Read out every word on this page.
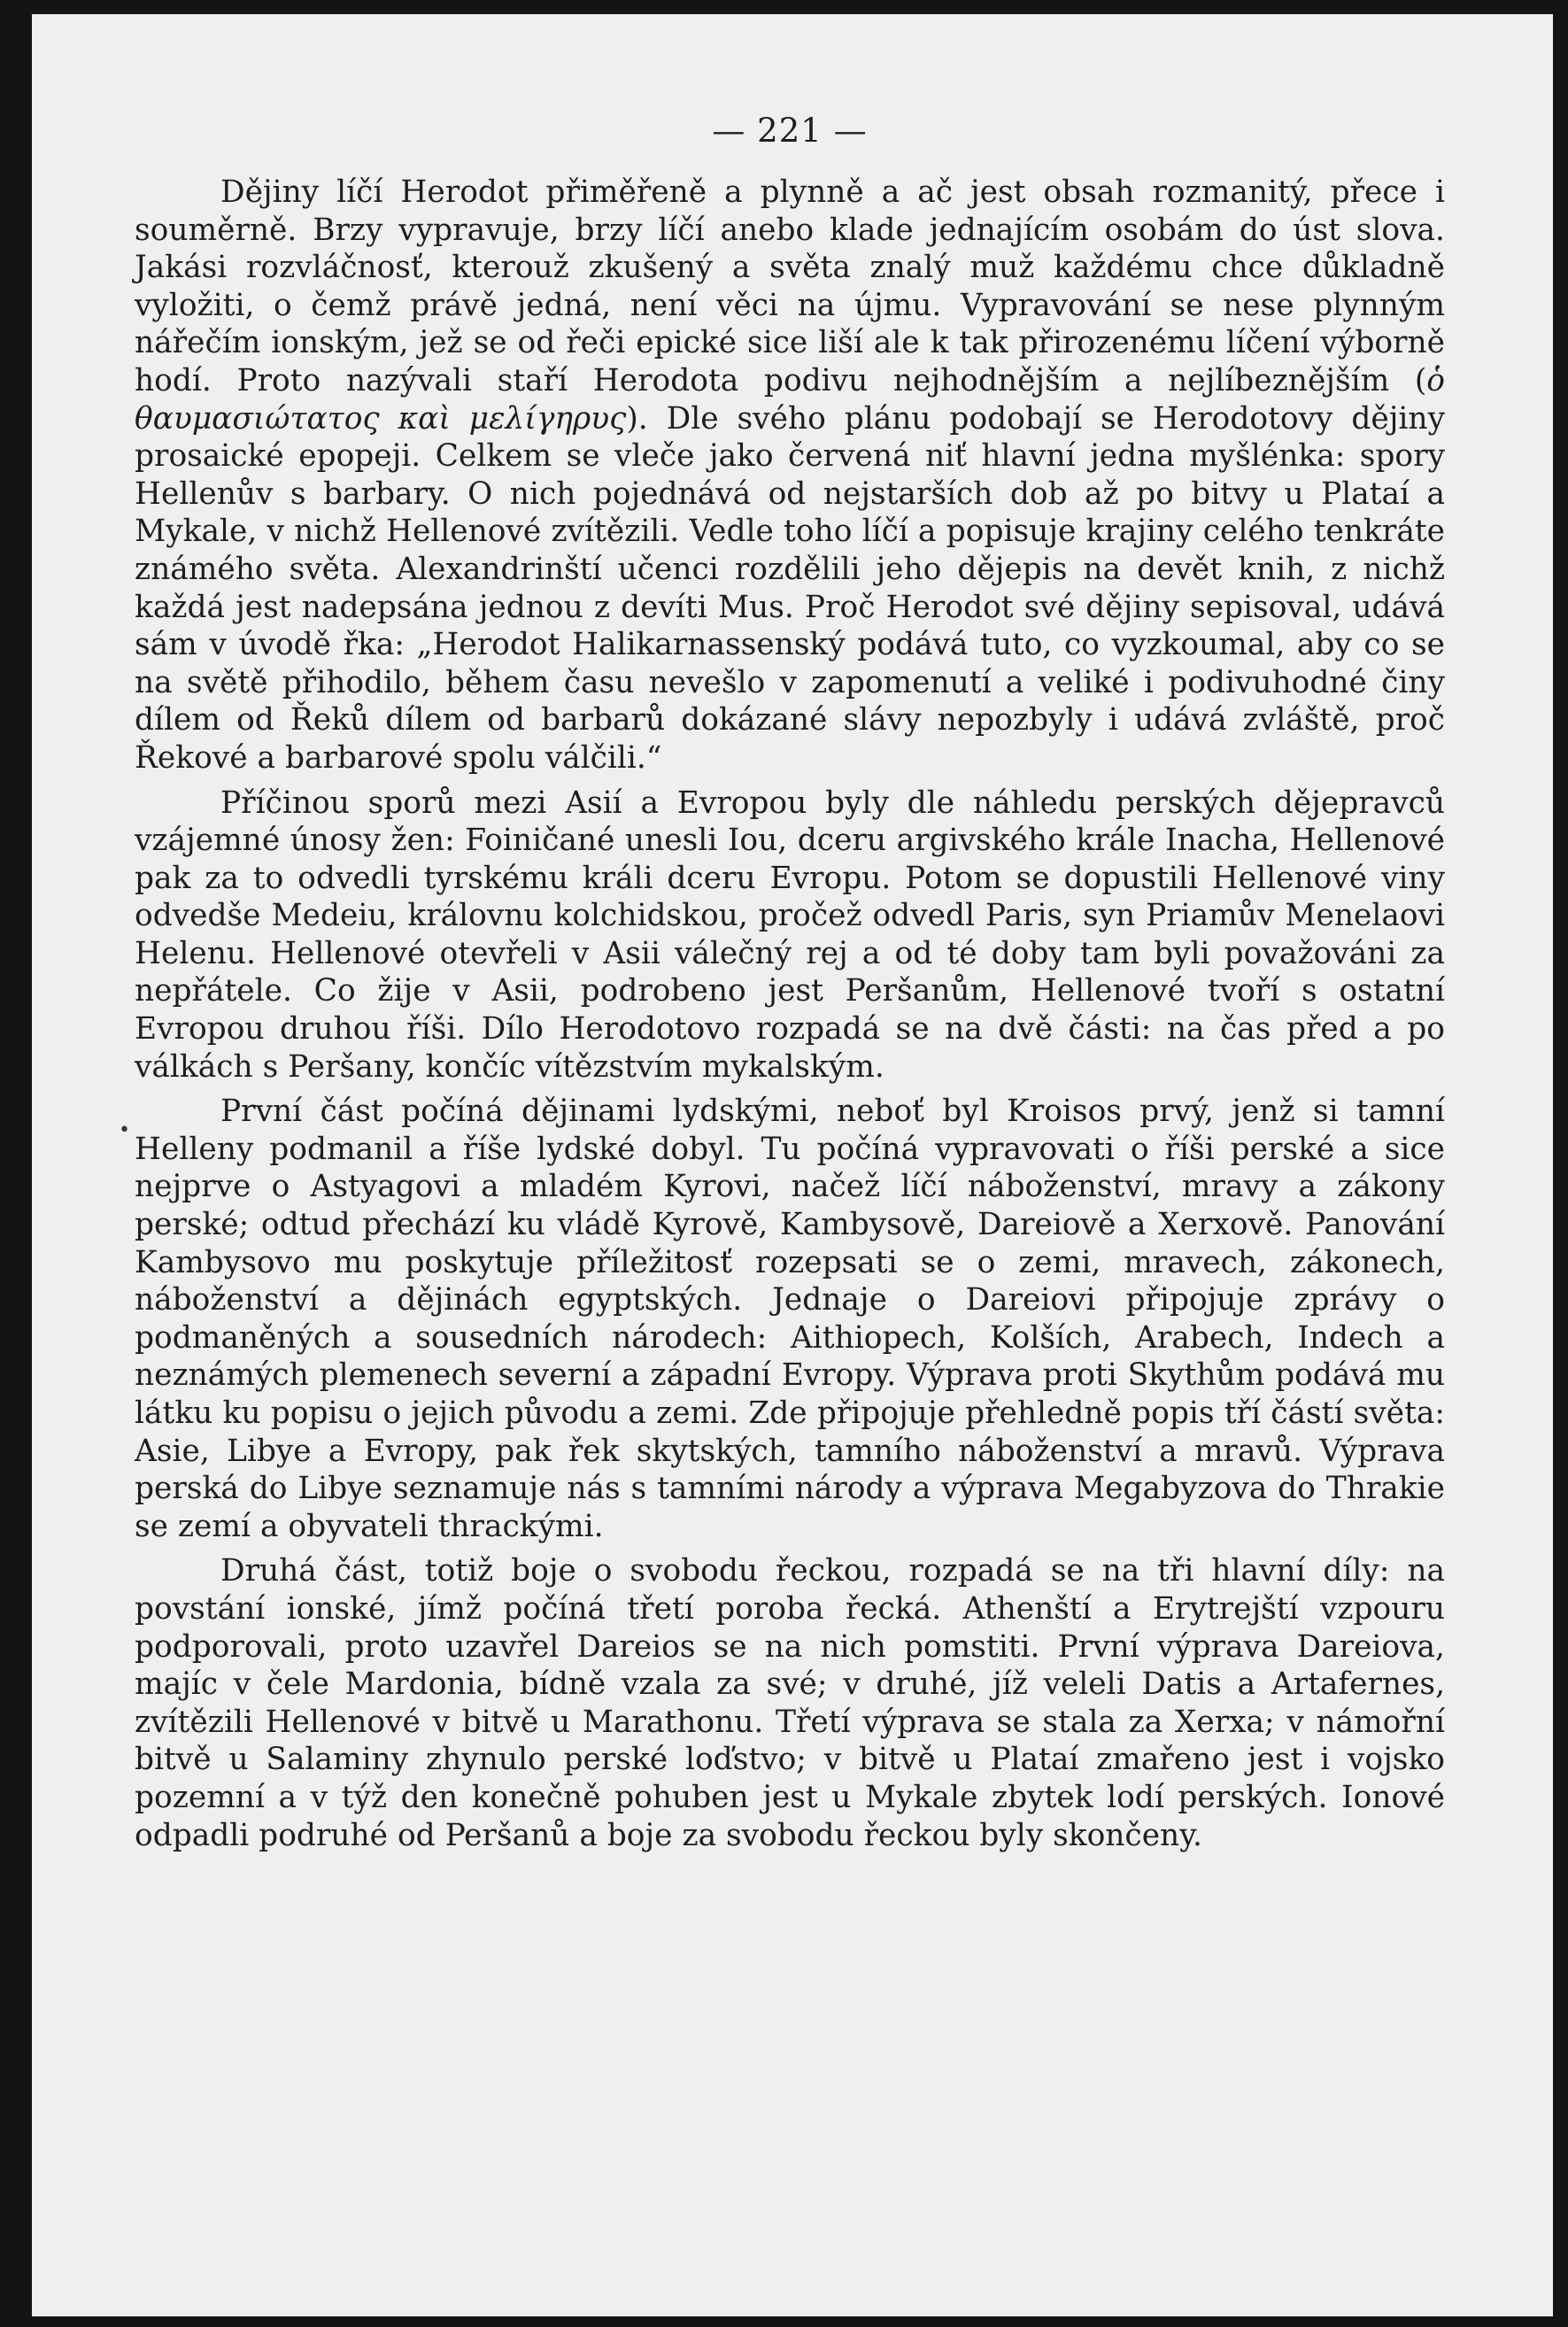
•
— 221 —

Dějiny líčí Herodot přiměřeně a plynně a ač jest obsah rozmanitý, přece i souměrně. Brzy vypravuje, brzy líčí anebo klade jednajícím osobám do úst slova. Jakási rozvláčnosť, kterouž zkušený a světa znalý muž každému chce důkladně vyložiti, o čemž právě jedná, není věci na újmu. Vypravování se nese plynným nářečím ionským, jež se od řeči epické sice liší ale k tak přirozenému líčení výborně hodí. Proto nazývali staří Herodota podivu nejhodnějším a nejlíbeznějším (ὁ θαυμασιώτατος καὶ μελίγηρυς). Dle svého plánu podobají se Herodotovy dějiny prosaické epopeji. Celkem se vleče jako červená niť hlavní jedna myšlénka: spory Hellenův s barbary. O nich pojednává od nejstarších dob až po bitvy u Plataí a Mykale, v nichž Hellenové zvítězili. Vedle toho líčí a popisuje krajiny celého tenkráte známého světa. Alexandrinští učenci rozdělili jeho dějepis na devět knih, z nichž každá jest nadepsána jednou z devíti Mus. Proč Herodot své dějiny sepisoval, udává sám v úvodě řka: „Herodot Halikarnassenský podává tuto, co vyzkoumal, aby co se na světě přihodilo, během času nevešlo v zapomenutí a veliké i podivuhodné činy dílem od Řeků dílem od barbarů dokázané slávy nepozbyly i udává zvláště, proč Řekové a barbarové spolu válčili.“

Příčinou sporů mezi Asií a Evropou byly dle náhledu perských dějepravců vzájemné únosy žen: Foiničané unesli Iou, dceru argivského krále Inacha, Hellenové pak za to odvedli tyrskému králi dceru Evropu. Potom se dopustili Hellenové viny odvedše Medeiu, královnu kolchidskou, pročež odvedl Paris, syn Priamův Menelaovi Helenu. Hellenové otevřeli v Asii válečný rej a od té doby tam byli považováni za nepřátele. Co žije v Asii, podrobeno jest Peršanům, Hellenové tvoří s ostatní Evropou druhou říši. Dílo Herodotovo rozpadá se na dvě části: na čas před a po válkách s Peršany, končíc vítězstvím mykalským.

První část počíná dějinami lydskými, neboť byl Kroisos prvý, jenž si tamní Helleny podmanil a říše lydské dobyl. Tu počíná vypravovati o říši perské a sice nejprve o Astyagovi a mladém Kyrovi, načež líčí náboženství, mravy a zákony perské; odtud přechází ku vládě Kyrově, Kambysově, Dareiově a Xerxově. Panování Kambysovo mu poskytuje příležitosť rozepsati se o zemi, mravech, zákonech, náboženství a dějinách egyptských. Jednaje o Dareiovi připojuje zprávy o podmaněných a sousedních národech: Aithiopech, Kolších, Arabech, Indech a neznámých plemenech severní a západní Evropy. Výprava proti Skythům podává mu látku ku popisu o jejich původu a zemi. Zde připojuje přehledně popis tří částí světa: Asie, Libye a Evropy, pak řek skytských, tamního náboženství a mravů. Výprava perská do Libye seznamuje nás s tamními národy a výprava Megabyzova do Thrakie se zemí a obyvateli thrackými.

Druhá část, totiž boje o svobodu řeckou, rozpadá se na tři hlavní díly: na povstání ionské, jímž počíná třetí poroba řecká. Athenští a Erytrejští vzpouru podporovali, proto uzavřel Dareios se na nich pomstiti. První výprava Dareiova, majíc v čele Mardonia, bídně vzala za své; v druhé, jíž veleli Datis a Artafernes, zvítězili Hellenové v bitvě u Marathonu. Třetí výprava se stala za Xerxa; v námořní bitvě u Salaminy zhynulo perské loďstvo; v bitvě u Plataí zmařeno jest i vojsko pozemní a v týž den konečně pohuben jest u Mykale zbytek lodí perských. Ionové odpadli podruhé od Peršanů a boje za svobodu řeckou byly skončeny.
